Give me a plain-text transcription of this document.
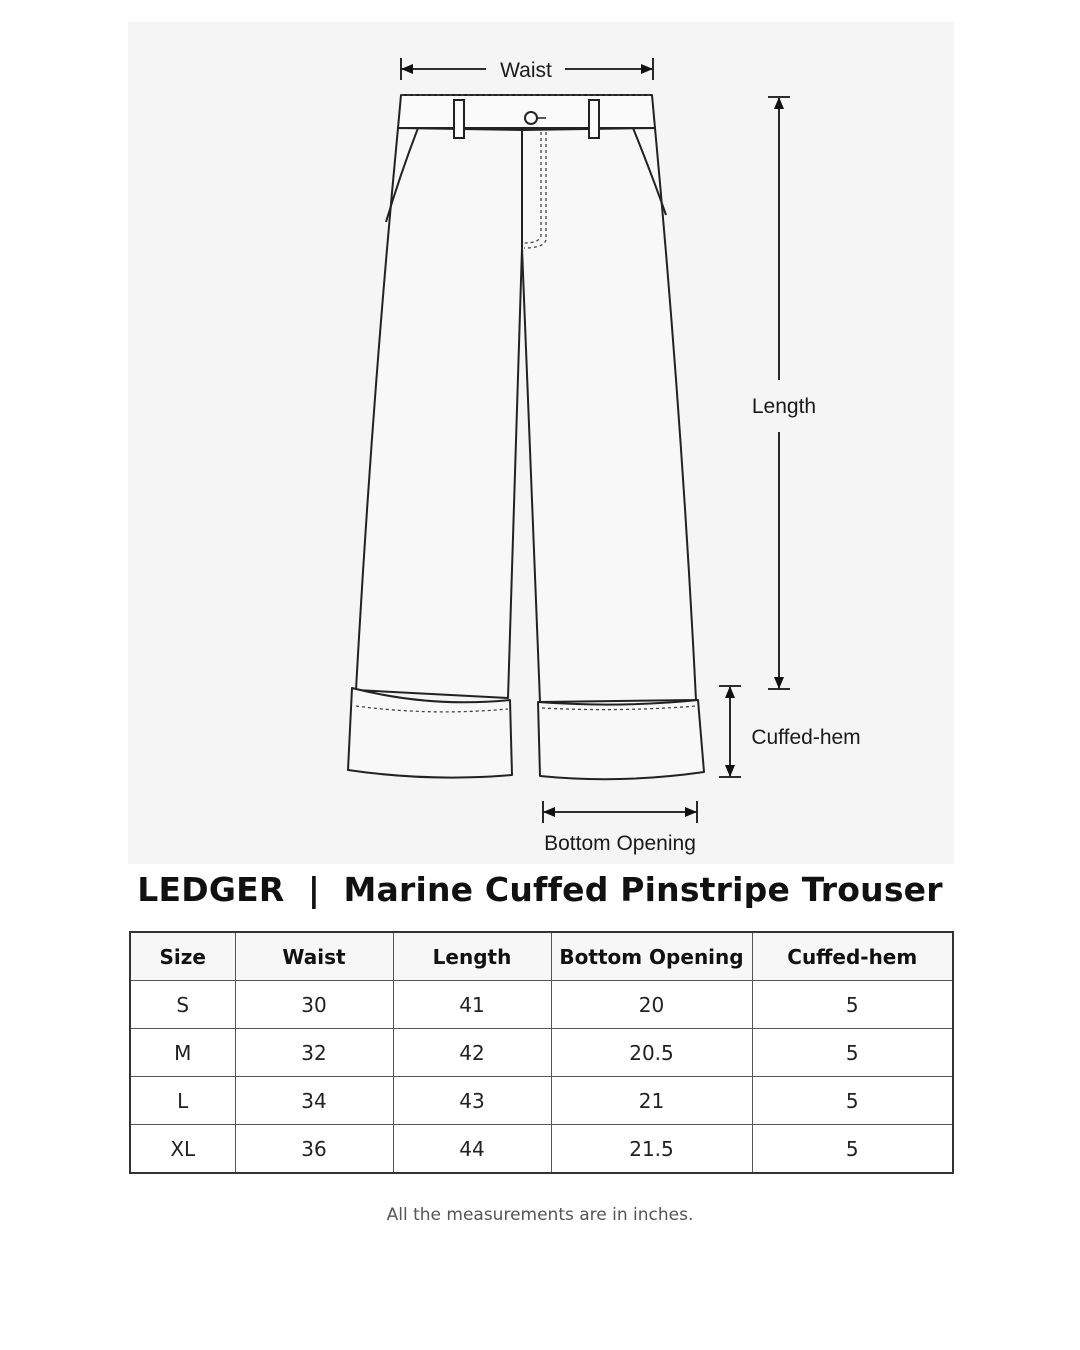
Waist
Length
Cuffed-hem
Bottom Opening
LEDGER  |  Marine Cuffed Pinstripe Trouser
Size	Waist	Length	Bottom Opening	Cuffed-hem
S	30	41	20	5
M	32	42	20.5	5
L	34	43	21	5
XL	36	44	21.5	5
All the measurements are in inches.
